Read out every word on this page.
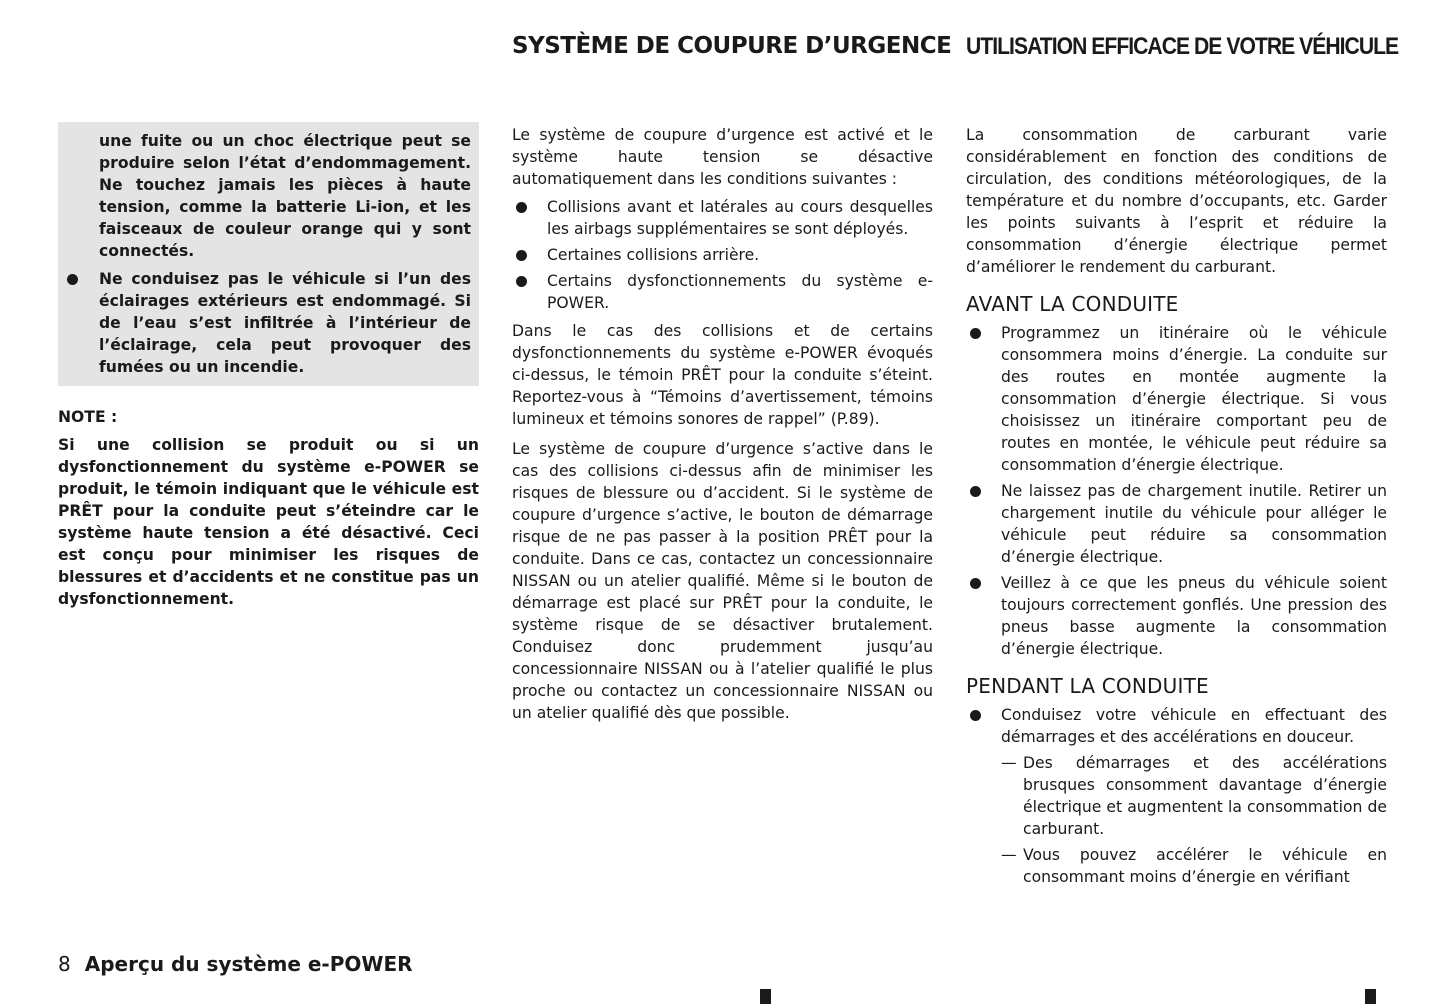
SYSTÈME DE COUPURE D’URGENCE UTILISATION EFFICACE DE VOTRE VÉHICULE
une fuite ou un choc électrique peut se produire selon l’état d’endommagement. Ne touchez jamais les pièces à haute tension, comme la batterie Li-ion, et les faisceaux de couleur orange qui y sont connectés.
Ne conduisez pas le véhicule si l’un des éclairages extérieurs est endommagé. Si de l’eau s’est infiltrée à l’intérieur de l’éclairage, cela peut provoquer des fumées ou un incendie.
NOTE :

Si une collision se produit ou si un dysfonctionnement du système e-POWER se produit, le témoin indiquant que le véhicule est PRÊT pour la conduite peut s’éteindre car le système haute tension a été désactivé. Ceci est conçu pour minimiser les risques de blessures et d’accidents et ne constitue pas un dysfonctionnement.

Le système de coupure d’urgence est activé et le système haute tension se désactive automatiquement dans les conditions suivantes :

Collisions avant et latérales au cours desquelles les airbags supplémentaires se sont déployés.
Certaines collisions arrière.
Certains dysfonctionnements du système e-POWER.

Dans le cas des collisions et de certains dysfonctionnements du système e-POWER évoqués ci-dessus, le témoin PRÊT pour la conduite s’éteint. Reportez-vous à “Témoins d’avertissement, témoins lumineux et témoins sonores de rappel” (P.89).

Le système de coupure d’urgence s’active dans le cas des collisions ci-dessus afin de minimiser les risques de blessure ou d’accident. Si le système de coupure d’urgence s’active, le bouton de démarrage risque de ne pas passer à la position PRÊT pour la conduite. Dans ce cas, contactez un concessionnaire NISSAN ou un atelier qualifié. Même si le bouton de démarrage est placé sur PRÊT pour la conduite, le système risque de se désactiver brutalement. Conduisez donc prudemment jusqu’au concessionnaire NISSAN ou à l’atelier qualifié le plus proche ou contactez un concessionnaire NISSAN ou un atelier qualifié dès que possible.

La consommation de carburant varie considérablement en fonction des conditions de circulation, des conditions météorologiques, de la température et du nombre d’occupants, etc. Garder les points suivants à l’esprit et réduire la consommation d’énergie électrique permet d’améliorer le rendement du carburant.

AVANT LA CONDUITE
Programmez un itinéraire où le véhicule consommera moins d’énergie. La conduite sur des routes en montée augmente la consommation d’énergie électrique. Si vous choisissez un itinéraire comportant peu de routes en montée, le véhicule peut réduire sa consommation d’énergie électrique.
Ne laissez pas de chargement inutile. Retirer un chargement inutile du véhicule pour alléger le véhicule peut réduire sa consommation d’énergie électrique.
Veillez à ce que les pneus du véhicule soient toujours correctement gonflés. Une pression des pneus basse augmente la consommation d’énergie électrique.
PENDANT LA CONDUITE
Conduisez votre véhicule en effectuant des démarrages et des accélérations en douceur.
— Des démarrages et des accélérations brusques consomment davantage d’énergie électrique et augmentent la consommation de carburant.
— Vous pouvez accélérer le véhicule en consommant moins d’énergie en vérifiant
8 Aperçu du système e-POWER
